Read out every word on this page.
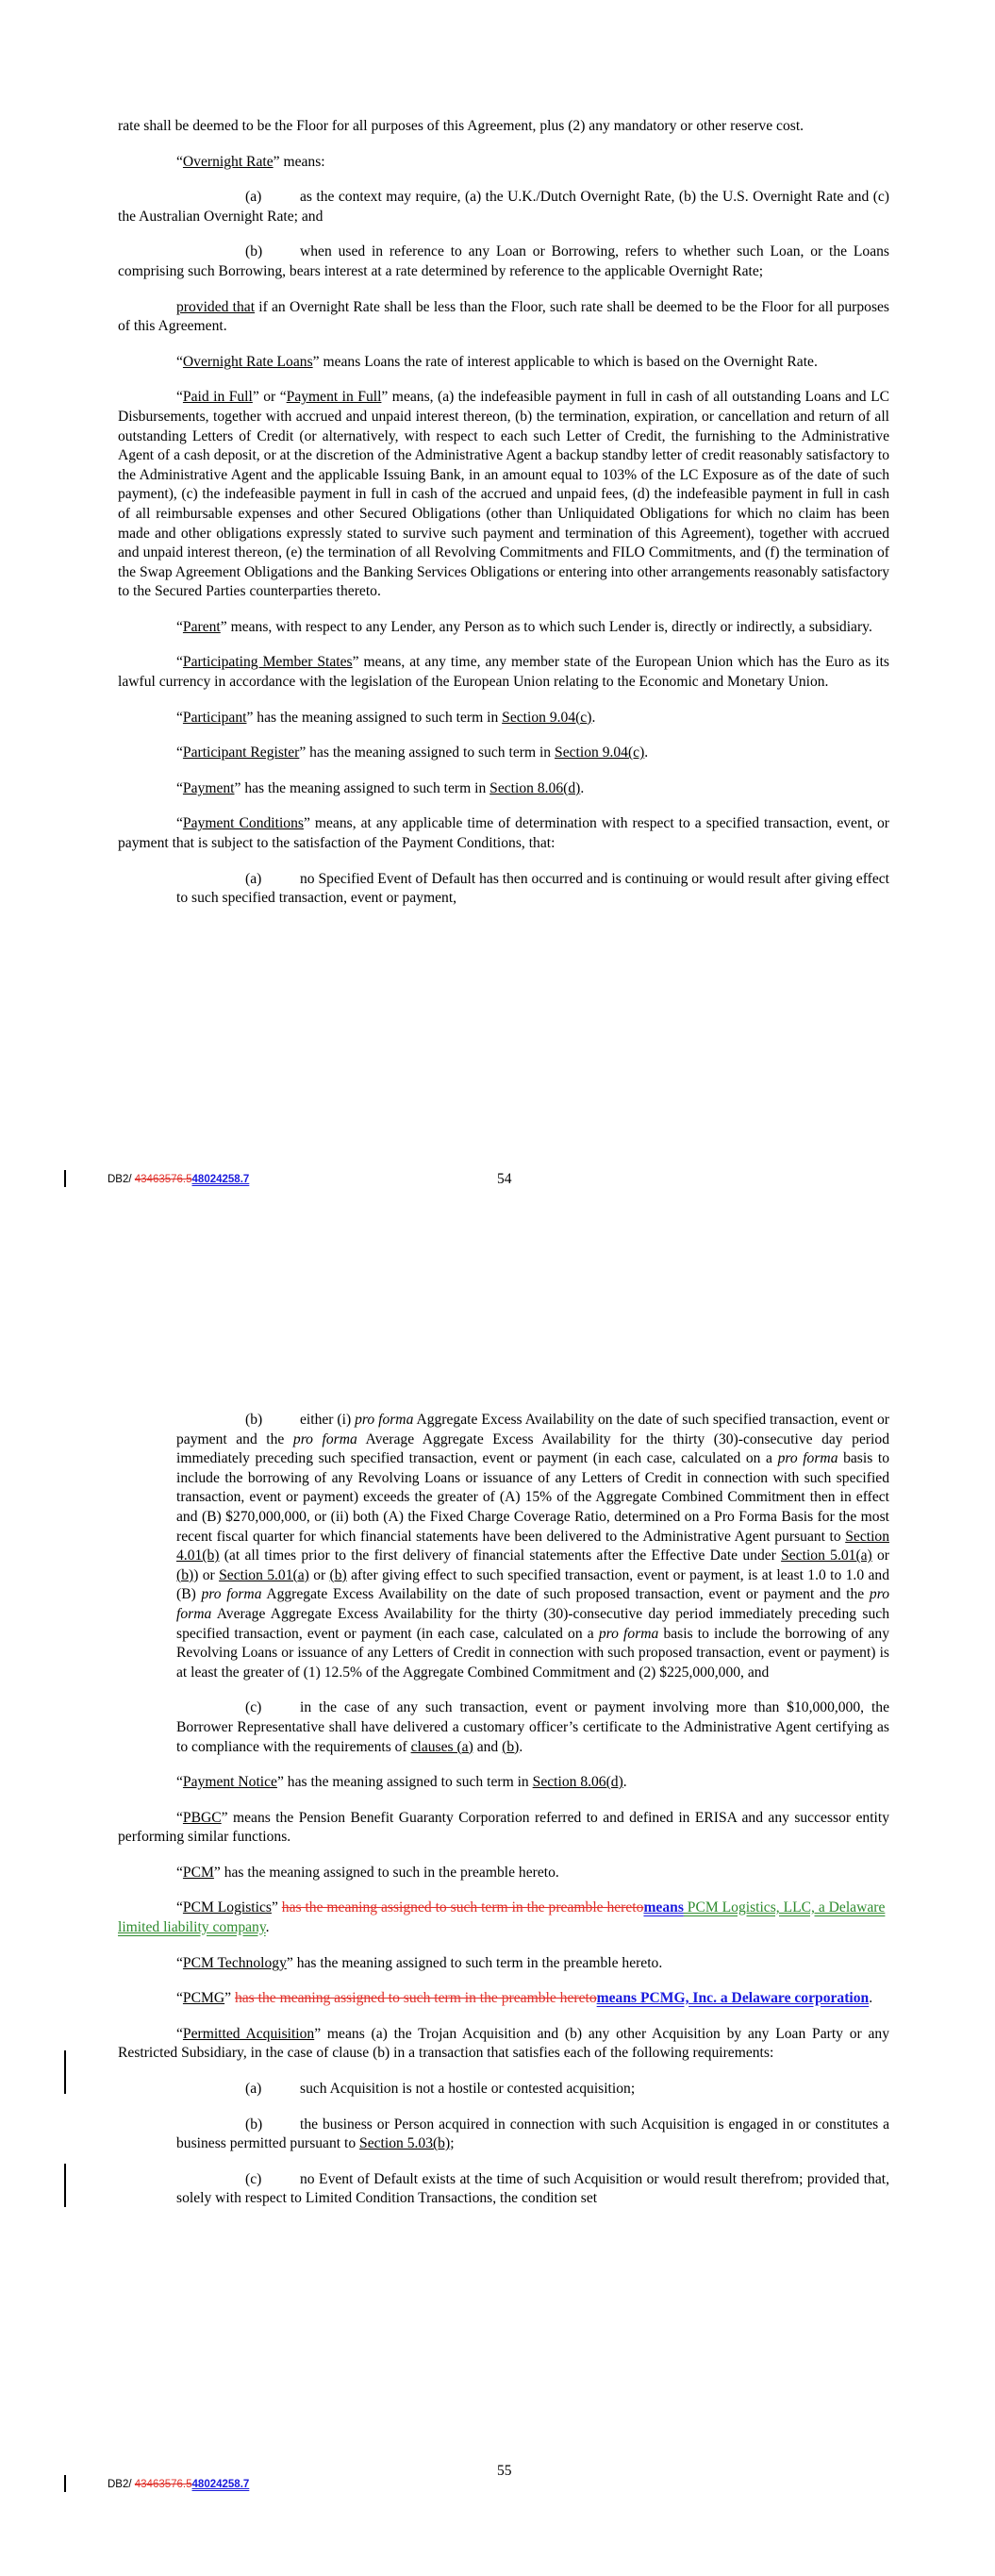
rate shall be deemed to be the Floor for all purposes of this Agreement, plus (2) any mandatory or other reserve cost.

“Overnight Rate” means:

(a)	as the context may require, (a) the U.K./Dutch Overnight Rate, (b) the U.S. Overnight Rate and (c) the Australian Overnight Rate; and

(b)	when used in reference to any Loan or Borrowing, refers to whether such Loan, or the Loans comprising such Borrowing, bears interest at a rate determined by reference to the applicable Overnight Rate;

provided that if an Overnight Rate shall be less than the Floor, such rate shall be deemed to be the Floor for all purposes of this Agreement.

“Overnight Rate Loans” means Loans the rate of interest applicable to which is based on the Overnight Rate.

“Paid in Full” or “Payment in Full” means, (a) the indefeasible payment in full in cash of all outstanding Loans and LC Disbursements, together with accrued and unpaid interest thereon, (b) the termination, expiration, or cancellation and return of all outstanding Letters of Credit (or alternatively, with respect to each such Letter of Credit, the furnishing to the Administrative Agent of a cash deposit, or at the discretion of the Administrative Agent a backup standby letter of credit reasonably satisfactory to the Administrative Agent and the applicable Issuing Bank, in an amount equal to 103% of the LC Exposure as of the date of such payment), (c) the indefeasible payment in full in cash of the accrued and unpaid fees, (d) the indefeasible payment in full in cash of all reimbursable expenses and other Secured Obligations (other than Unliquidated Obligations for which no claim has been made and other obligations expressly stated to survive such payment and termination of this Agreement), together with accrued and unpaid interest thereon, (e) the termination of all Revolving Commitments and FILO Commitments, and (f) the termination of the Swap Agreement Obligations and the Banking Services Obligations or entering into other arrangements reasonably satisfactory to the Secured Parties counterparties thereto.

“Parent” means, with respect to any Lender, any Person as to which such Lender is, directly or indirectly, a subsidiary.

“Participating Member States” means, at any time, any member state of the European Union which has the Euro as its lawful currency in accordance with the legislation of the European Union relating to the Economic and Monetary Union.

“Participant” has the meaning assigned to such term in Section 9.04(c).

“Participant Register” has the meaning assigned to such term in Section 9.04(c).

“Payment” has the meaning assigned to such term in Section 8.06(d).

“Payment Conditions” means, at any applicable time of determination with respect to a specified transaction, event, or payment that is subject to the satisfaction of the Payment Conditions, that:

(a)	no Specified Event of Default has then occurred and is continuing or would result after giving effect to such specified transaction, event or payment,

54
DB2/ 43463576.548024258.7

(b)	either (i) pro forma Aggregate Excess Availability on the date of such specified transaction, event or payment and the pro forma Average Aggregate Excess Availability for the thirty (30)-consecutive day period immediately preceding such specified transaction, event or payment (in each case, calculated on a pro forma basis to include the borrowing of any Revolving Loans or issuance of any Letters of Credit in connection with such specified transaction, event or payment) exceeds the greater of (A) 15% of the Aggregate Combined Commitment then in effect and (B) $270,000,000, or (ii) both (A) the Fixed Charge Coverage Ratio, determined on a Pro Forma Basis for the most recent fiscal quarter for which financial statements have been delivered to the Administrative Agent pursuant to Section 4.01(b) (at all times prior to the first delivery of financial statements after the Effective Date under Section 5.01(a) or (b)) or Section 5.01(a) or (b) after giving effect to such specified transaction, event or payment, is at least 1.0 to 1.0 and (B) pro forma Aggregate Excess Availability on the date of such proposed transaction, event or payment and the pro forma Average Aggregate Excess Availability for the thirty (30)-consecutive day period immediately preceding such specified transaction, event or payment (in each case, calculated on a pro forma basis to include the borrowing of any Revolving Loans or issuance of any Letters of Credit in connection with such proposed transaction, event or payment) is at least the greater of (1) 12.5% of the Aggregate Combined Commitment and (2) $225,000,000, and

(c)	in the case of any such transaction, event or payment involving more than $10,000,000, the Borrower Representative shall have delivered a customary officer’s certificate to the Administrative Agent certifying as to compliance with the requirements of clauses (a) and (b).

“Payment Notice” has the meaning assigned to such term in Section 8.06(d).

“PBGC” means the Pension Benefit Guaranty Corporation referred to and defined in ERISA and any successor entity performing similar functions.

“PCM” has the meaning assigned to such in the preamble hereto.

“PCM Logistics” has the meaning assigned to such term in the preamble heretomeans PCM Logistics, LLC, a Delaware limited liability company.

“PCM Technology” has the meaning assigned to such term in the preamble hereto.

“PCMG” has the meaning assigned to such term in the preamble heretomeans PCMG, Inc. a Delaware corporation.

“Permitted Acquisition” means (a) the Trojan Acquisition and (b) any other Acquisition by any Loan Party or any Restricted Subsidiary, in the case of clause (b) in a transaction that satisfies each of the following requirements:

(a)	such Acquisition is not a hostile or contested acquisition;

(b)	the business or Person acquired in connection with such Acquisition is engaged in or constitutes a business permitted pursuant to Section 5.03(b);

(c)	no Event of Default exists at the time of such Acquisition or would result therefrom; provided that, solely with respect to Limited Condition Transactions, the condition set

55
DB2/ 43463576.548024258.7
